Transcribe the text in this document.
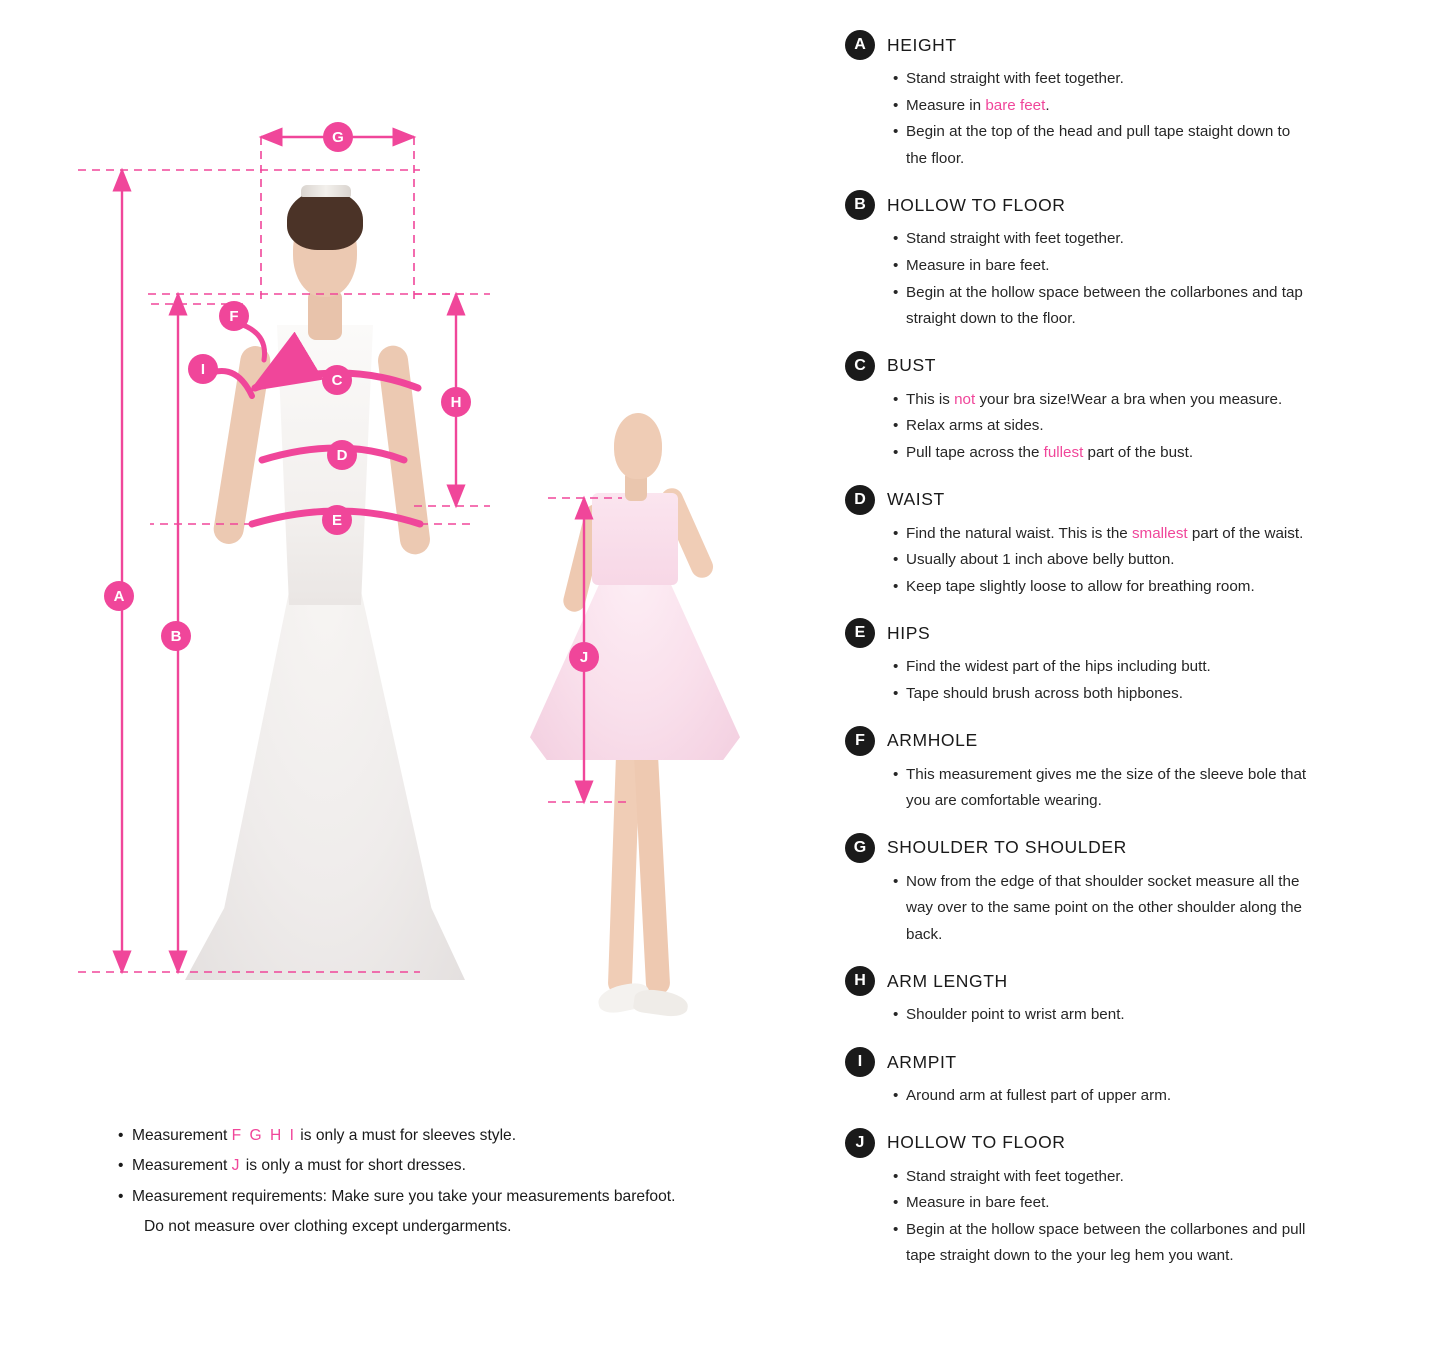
A
B
C
D
E
F
G
H
I
J
• Measurement F G H I is only a must for sleeves style.
• Measurement J is only a must for short dresses.
• Measurement requirements: Make sure you take your measurements barefoot.
Do not measure over clothing except undergarments.
A	HEIGHT
• Stand straight with feet together.
• Measure in bare feet.
• Begin at the top of the head and pull tape staight down to
the floor.
B	HOLLOW TO FLOOR
• Stand straight with feet together.
• Measure in bare feet.
• Begin at the hollow space between the collarbones and tap
straight down to the floor.
C	BUST
• This is not your bra size!Wear a bra when you measure.
• Relax arms at sides.
• Pull tape across the fullest part of the bust.
D	WAIST
• Find the natural waist. This is the smallest part of the waist.
• Usually about 1 inch above belly button.
• Keep tape slightly loose to allow for breathing room.
E	HIPS
• Find the widest part of the hips including butt.
• Tape should brush across both hipbones.
F	ARMHOLE
• This measurement gives me the size of the sleeve bole that
you are comfortable wearing.
G	SHOULDER TO SHOULDER
• Now from the edge of that shoulder socket measure all the
way over to the same point on the other shoulder along the
back.
H	ARM LENGTH
• Shoulder point to wrist arm bent.
I	ARMPIT
• Around arm at fullest part of upper arm.
J	HOLLOW TO FLOOR
• Stand straight with feet together.
• Measure in bare feet.
• Begin at the hollow space between the collarbones and pull
tape straight down to the your leg hem you want.
